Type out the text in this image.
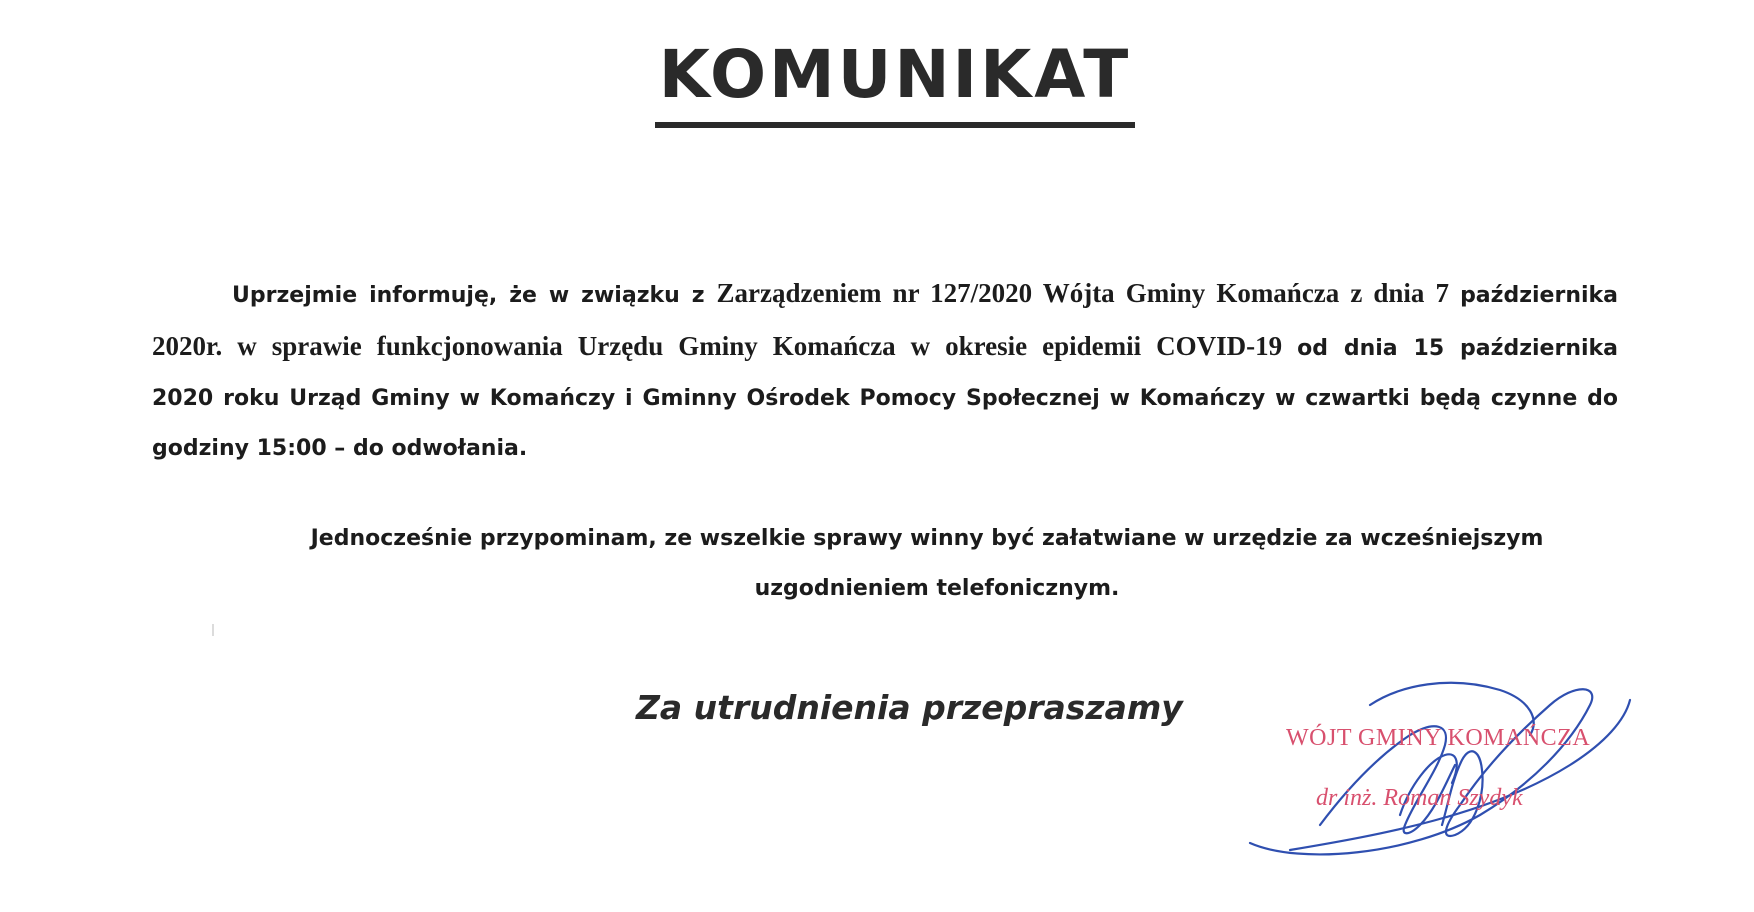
KOMUNIKAT
Uprzejmie informuję, że w związku z Zarządzeniem nr 127/2020 Wójta Gminy Komańcza z dnia 7 października
2020r. w sprawie funkcjonowania Urzędu Gminy Komańcza w okresie epidemii COVID-19 od dnia 15 października
2020 roku Urząd Gminy w Komańczy i Gminny Ośrodek Pomocy Społecznej w Komańczy w czwartki będą czynne do
godziny 15:00 – do odwołania.
Jednocześnie przypominam, ze wszelkie sprawy winny być załatwiane w urzędzie za wcześniejszym
uzgodnieniem telefonicznym.
Za utrudnienia przepraszamy
WÓJT GMINY KOMAŃCZA
dr inż. Roman Szydyk
